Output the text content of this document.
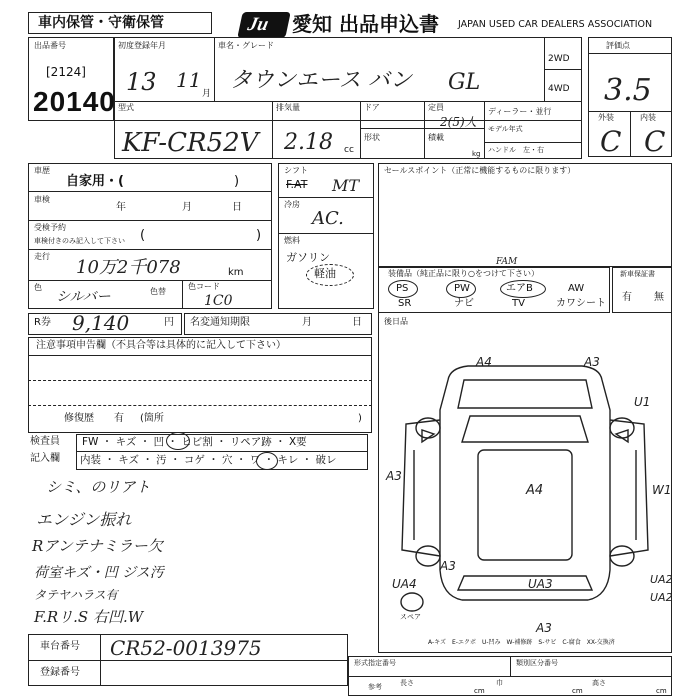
車内保管・守衛保管	Ju 愛知 出品申込書 JAPAN USED CAR DEALERS ASSOCIATION
出品番号
[2124]
20140
初度登録年月
13 11
月
車名・グレード
タウンエース バン GL
2WD
4WD
評価点
3.5
外装	内装
C C
型式
KF-CR52V
排気量
2.18 cc
ドア	定員
2(5)人
形状	積載
kg
ディーラー・並行
モデル年式
ハンドル　左・右
車歴
自家用・(	)
車検
年	月	日
受検予約
車検付きのみ記入して下さい (	)
走行
10万2千078	km
色
シルバー	色替
色コード
1C0
シフト
F.AT MT
冷房
AC.
燃料
ガソリン
軽油
セールスポイント（正常に機能するものに限ります）
装備品（純正品に限り○をつけて下さい）
FAM
PS	PW	エアB	AW
SR	ナビ	TV	カワシート
新車保証書
有 無
R券 9,140	円 名変通知期限	月	日	後日品
注意事項申告欄（不具合等は具体的に記入して下さい）
修復歴 有 (箇所	)
検査員
記入欄
FW ・ キズ ・ 凹 ・ ヒビ割 ・ リペア跡 ・ X要
内装 ・ キズ ・ 汚 ・ コゲ ・ 穴 ・ ワ ・ キレ ・ 破レ
シミ、のリアト
エンジン振れ
Rアンテナミラー欠
荷室キズ・凹 ジス汚
タテヤハラス有
F.Rリ.S 右凹.W
A4	A3
U1
A4
A3
A3
W1
UA4	UA3	UA2
UA2
A3
スペア
A-キズ　E-エクボ　U-凹み　W-補修跡　S-サビ　C-腐食　XX-交換済
車台番号 CR52-0013975
登録番号
形式指定番号	類別区分番号
参考	長さ
cm
巾
cm
高さ
cm
